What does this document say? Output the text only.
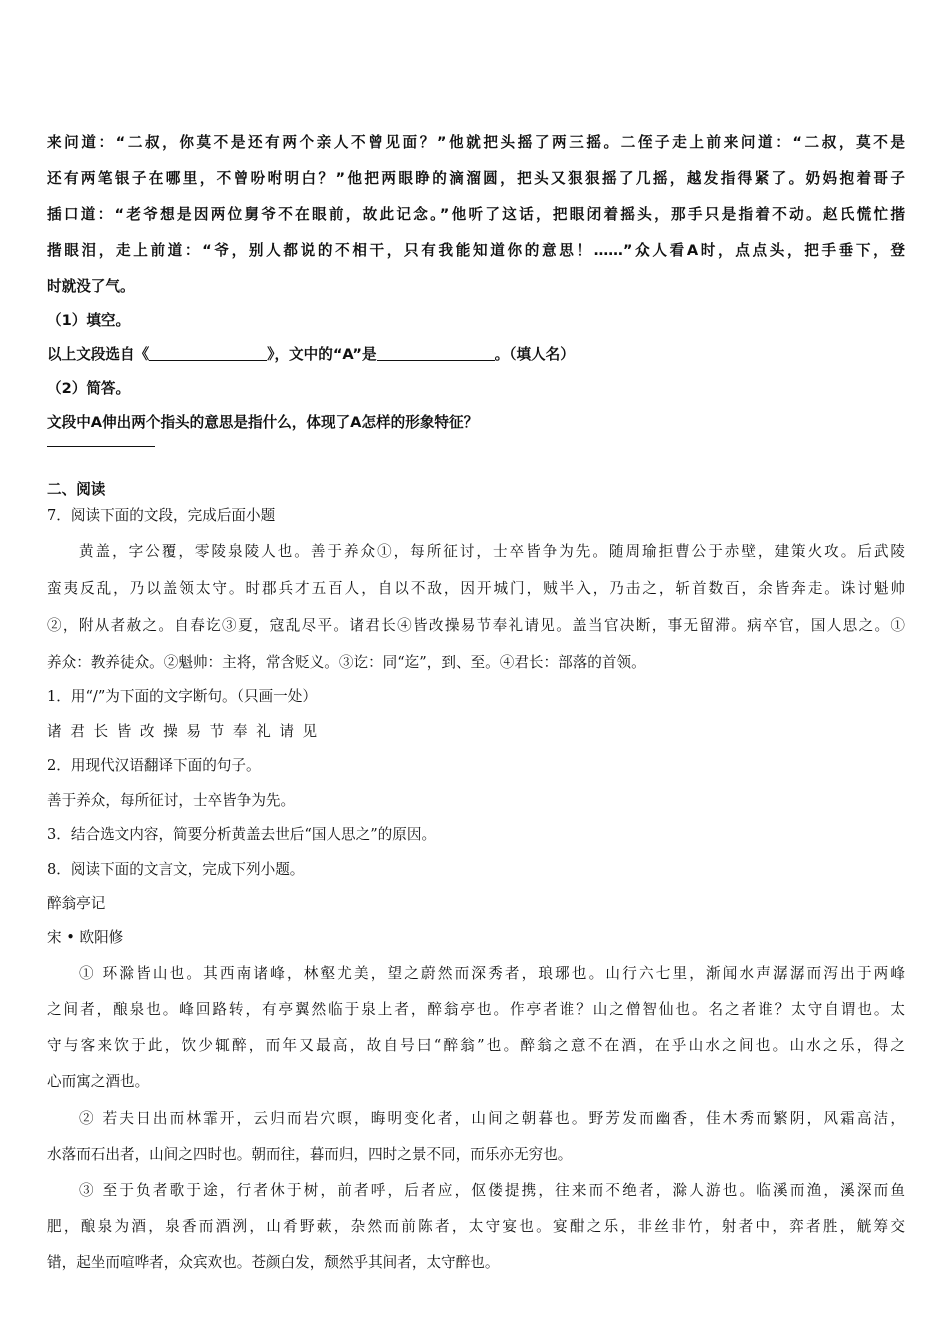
来问道：“二叔，你莫不是还有两个亲人不曾见面？”他就把头摇了两三摇。二侄子走上前来问道：“二叔，莫不是
还有两笔银子在哪里，不曾吩咐明白？”他把两眼睁的滴溜圆，把头又狠狠摇了几摇，越发指得紧了。奶妈抱着哥子
插口道：“老爷想是因两位舅爷不在眼前，故此记念。”他听了这话，把眼闭着摇头，那手只是指着不动。赵氏慌忙揩
揩眼泪，走上前道：“爷，别人都说的不相干，只有我能知道你的意思！……”众人看A时，点点头，把手垂下，登
时就没了气。
（1）填空。
以上文段选自《	》，文中的“A”是	。（填人名）
（2）简答。
文段中A伸出两个指头的意思是指什么，体现了A怎样的形象特征？
二、阅读
7．阅读下面的文段，完成后面小题
黄盖，字公覆，零陵泉陵人也。善于养众①，每所征讨，士卒皆争为先。随周瑜拒曹公于赤壁，建策火攻。后武陵
蛮夷反乱，乃以盖领太守。时郡兵才五百人，自以不敌，因开城门，贼半入，乃击之，斩首数百，余皆奔走。诛讨魁帅
②，附从者赦之。自春讫③夏，寇乱尽平。诸君长④皆改操易节奉礼请见。盖当官决断，事无留滞。病卒官，国人思之。①
养众：教养徒众。②魁帅：主将，常含贬义。③讫：同“迄”，到、至。④君长：部落的首领。
1．用“/”为下面的文字断句。（只画一处）
诸 君 长 皆 改 操 易 节 奉 礼 请 见
2．用现代汉语翻译下面的句子。
善于养众，每所征讨，士卒皆争为先。
3．结合选文内容，简要分析黄盖去世后“国人思之”的原因。
8．阅读下面的文言文，完成下列小题。
醉翁亭记
宋 • 欧阳修
① 环滁皆山也。其西南诸峰，林壑尤美，望之蔚然而深秀者，琅琊也。山行六七里，渐闻水声潺潺而泻出于两峰
之间者，酿泉也。峰回路转，有亭翼然临于泉上者，醉翁亭也。作亭者谁？山之僧智仙也。名之者谁？太守自谓也。太
守与客来饮于此，饮少辄醉，而年又最高，故自号曰“醉翁”也。醉翁之意不在酒，在乎山水之间也。山水之乐，得之
心而寓之酒也。
② 若夫日出而林霏开，云归而岩穴暝，晦明变化者，山间之朝暮也。野芳发而幽香，佳木秀而繁阴，风霜高洁，
水落而石出者，山间之四时也。朝而往，暮而归，四时之景不同，而乐亦无穷也。
③ 至于负者歌于途，行者休于树，前者呼，后者应，伛偻提携，往来而不绝者，滁人游也。临溪而渔，溪深而鱼
肥，酿泉为酒，泉香而酒洌，山肴野蔌，杂然而前陈者，太守宴也。宴酣之乐，非丝非竹，射者中，弈者胜，觥筹交
错，起坐而喧哗者，众宾欢也。苍颜白发，颓然乎其间者，太守醉也。
